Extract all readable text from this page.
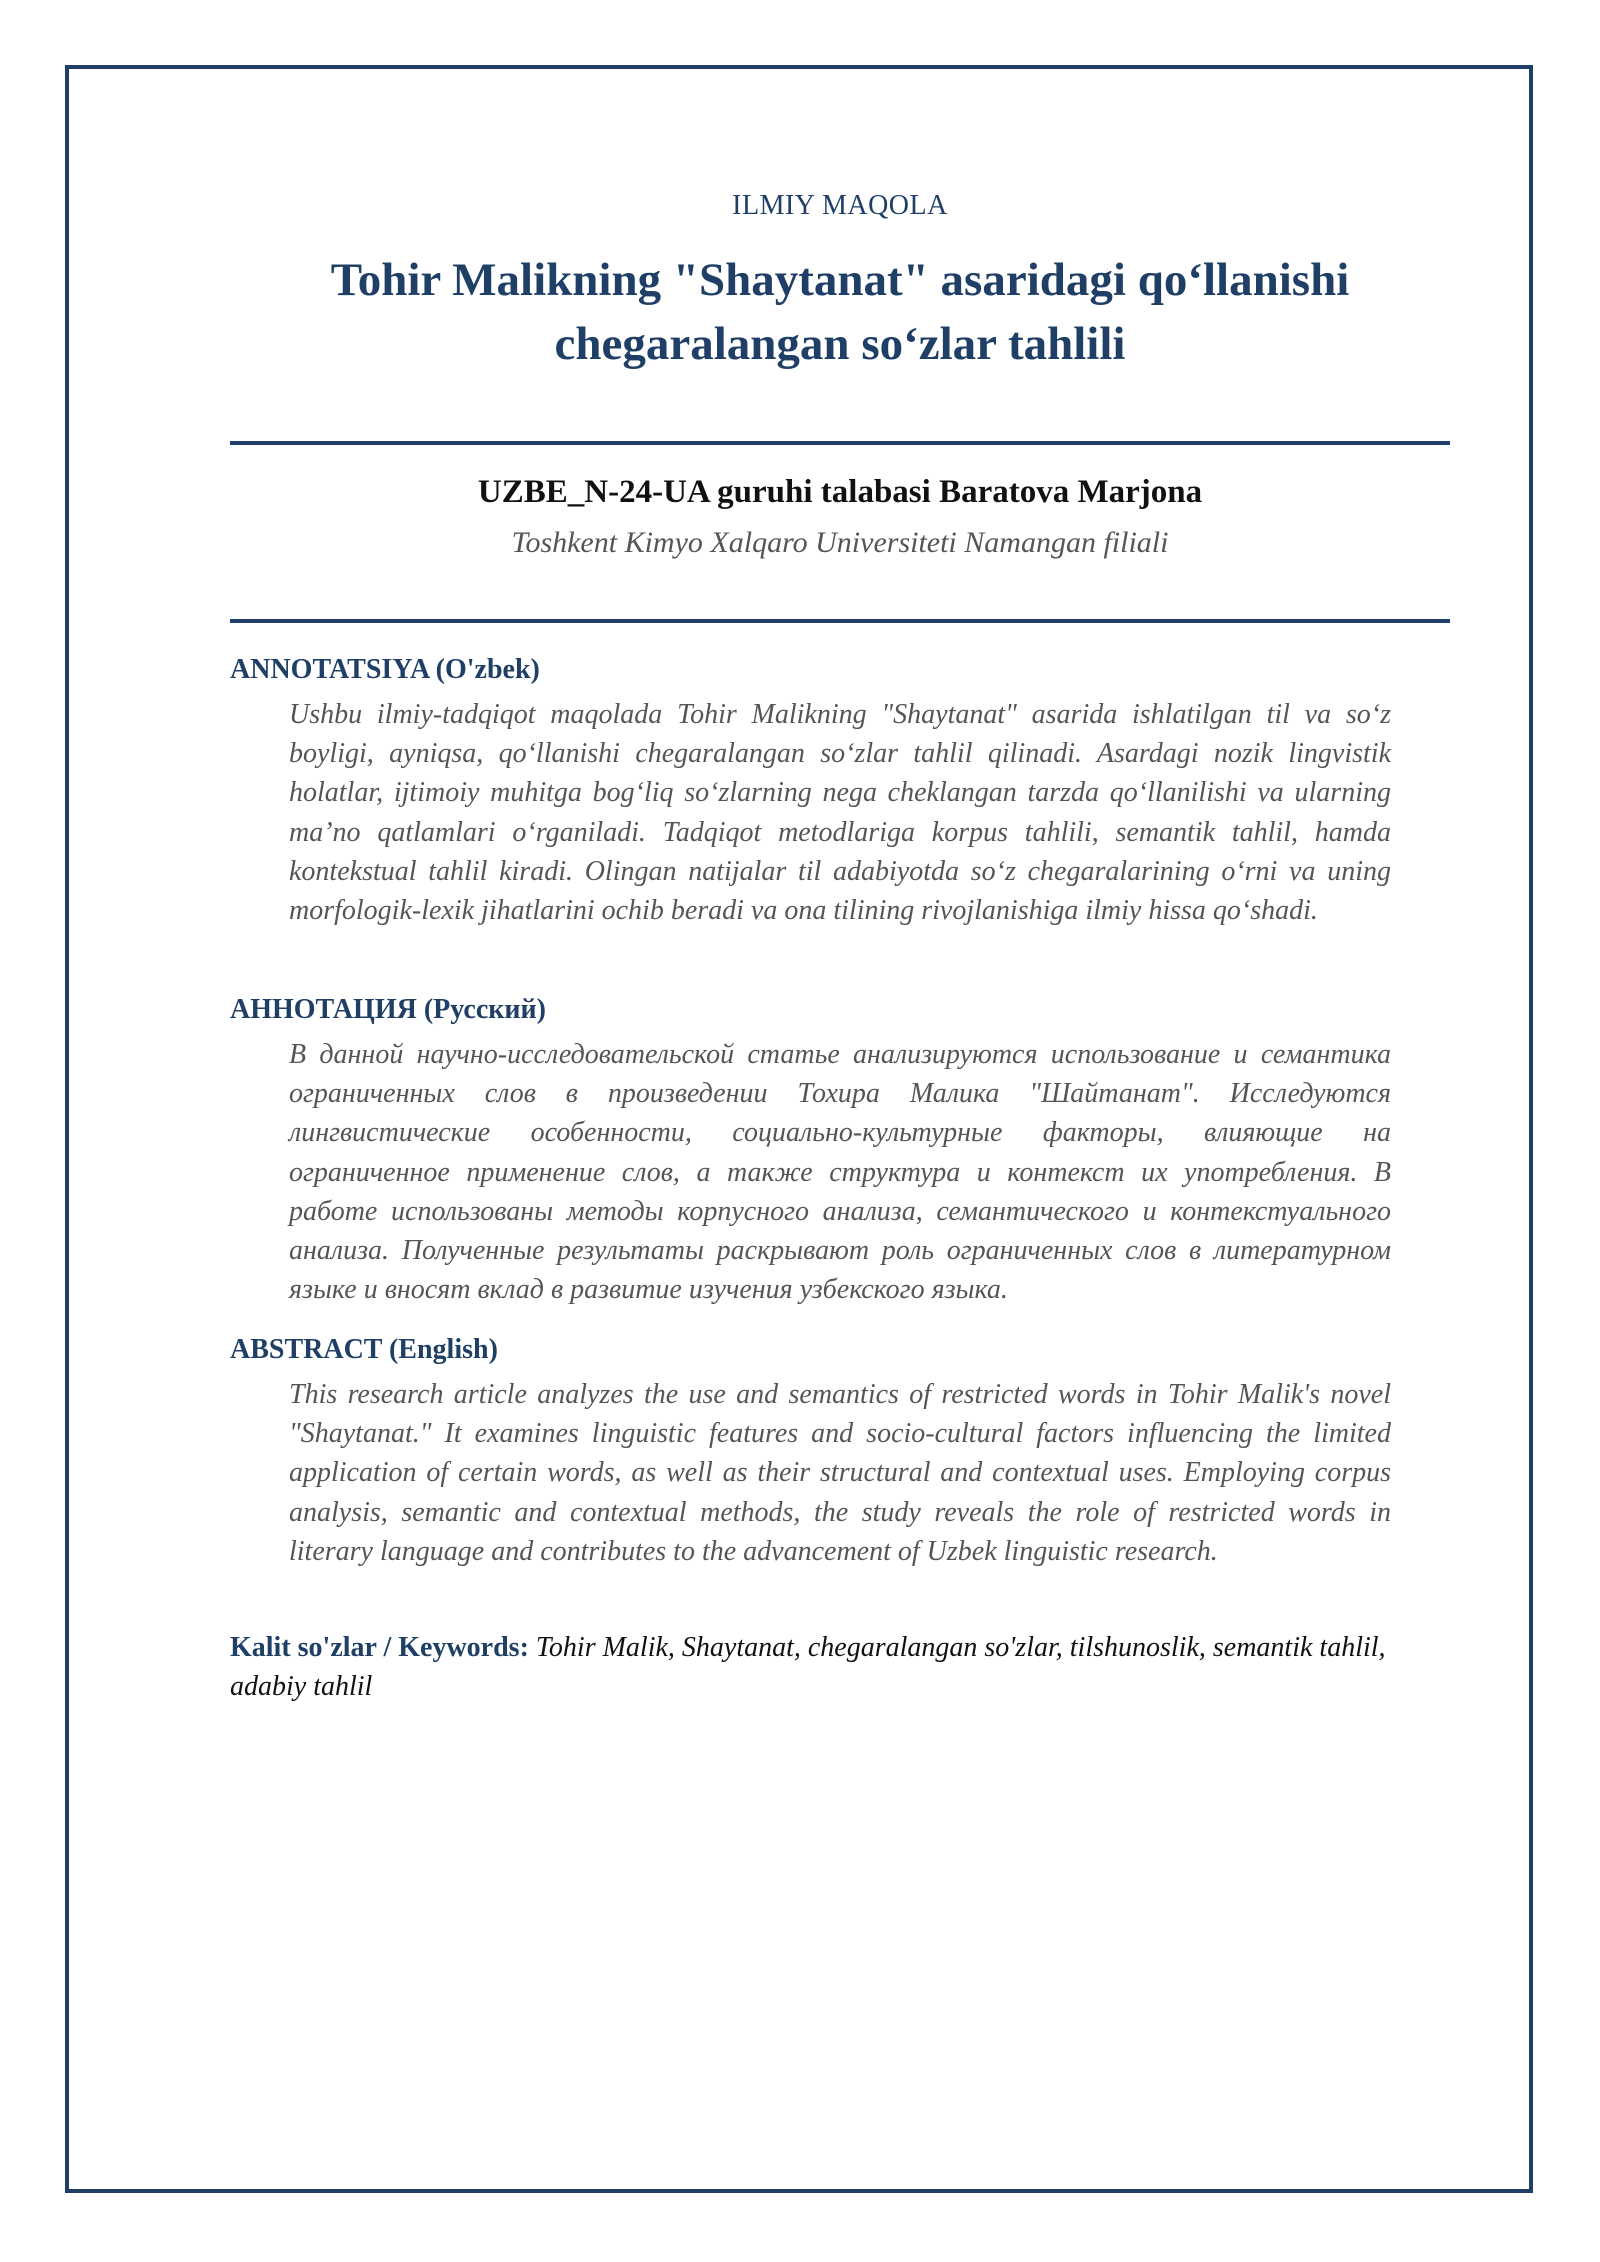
ILMIY MAQOLA
Tohir Malikning "Shaytanat" asaridagi qo‘llanishi chegaralangan so‘zlar tahlili
UZBE_N-24-UA guruhi talabasi Baratova Marjona
Toshkent Kimyo Xalqaro Universiteti Namangan filiali
ANNOTATSIYA (O'zbek)

Ushbu ilmiy-tadqiqot maqolada Tohir Malikning "Shaytanat" asarida ishlatilgan til va so‘z boyligi, ayniqsa, qo‘llanishi chegaralangan so‘zlar tahlil qilinadi. Asardagi nozik lingvistik holatlar, ijtimoiy muhitga bog‘liq so‘zlarning nega cheklangan tarzda qo‘llanilishi va ularning ma’no qatlamlari o‘rganiladi. Tadqiqot metodlariga korpus tahlili, semantik tahlil, hamda kontekstual tahlil kiradi. Olingan natijalar til adabiyotda so‘z chegaralarining o‘rni va uning morfologik-lexik jihatlarini ochib beradi va ona tilining rivojlanishiga ilmiy hissa qo‘shadi.

АННОТАЦИЯ (Русский)

В данной научно-исследовательской статье анализируются использование и семантика ограниченных слов в произведении Тохира Малика "Шайтанат". Исследуются лингвистические особенности, социально-культурные факторы, влияющие на ограниченное применение слов, а также структура и контекст их употребления. В работе использованы методы корпусного анализа, семантического и контекстуального анализа. Полученные результаты раскрывают роль ограниченных слов в литературном языке и вносят вклад в развитие изучения узбекского языка.

ABSTRACT (English)

This research article analyzes the use and semantics of restricted words in Tohir Malik's novel "Shaytanat." It examines linguistic features and socio-cultural factors influencing the limited application of certain words, as well as their structural and contextual uses. Employing corpus analysis, semantic and contextual methods, the study reveals the role of restricted words in literary language and contributes to the advancement of Uzbek linguistic research.

Kalit so'zlar / Keywords: Tohir Malik, Shaytanat, chegaralangan so'zlar, tilshunoslik, semantik tahlil, adabiy tahlil
